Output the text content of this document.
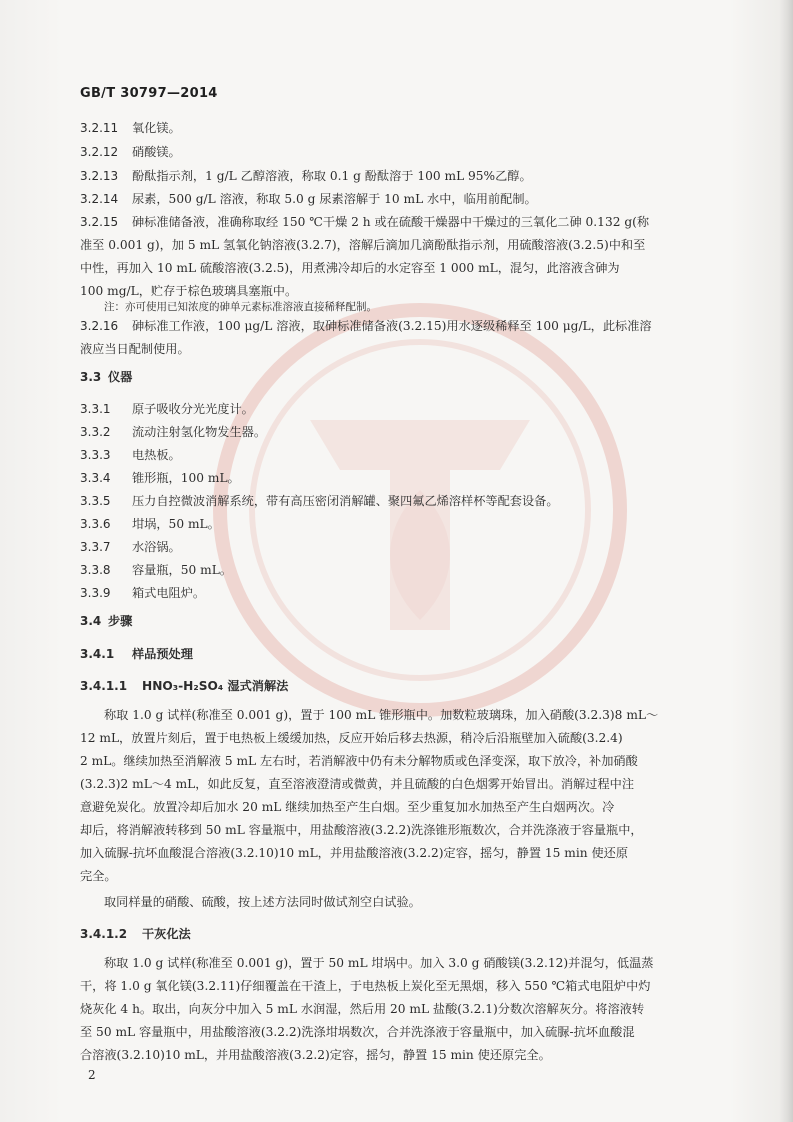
GB/T 30797—2014
3.2.11 氧化镁。
3.2.12 硝酸镁。
3.2.13 酚酞指示剂，1 g/L 乙醇溶液，称取 0.1 g 酚酞溶于 100 mL 95%乙醇。
3.2.14 尿素，500 g/L 溶液，称取 5.0 g 尿素溶解于 10 mL 水中，临用前配制。
3.2.15 砷标准储备液，准确称取经 150 ℃干燥 2 h 或在硫酸干燥器中干燥过的三氧化二砷 0.132 g(称
准至 0.001 g)，加 5 mL 氢氧化钠溶液(3.2.7)，溶解后滴加几滴酚酞指示剂，用硫酸溶液(3.2.5)中和至
中性，再加入 10 mL 硫酸溶液(3.2.5)，用煮沸冷却后的水定容至 1 000 mL，混匀，此溶液含砷为
100 mg/L，贮存于棕色玻璃具塞瓶中。
注：亦可使用已知浓度的砷单元素标准溶液直接稀释配制。
3.2.16 砷标准工作液，100 μg/L 溶液，取砷标准储备液(3.2.15)用水逐级稀释至 100 μg/L，此标准溶
液应当日配制使用。
3.3 仪器
3.3.1 原子吸收分光光度计。
3.3.2 流动注射氢化物发生器。
3.3.3 电热板。
3.3.4 锥形瓶，100 mL。
3.3.5 压力自控微波消解系统，带有高压密闭消解罐、聚四氟乙烯溶样杯等配套设备。
3.3.6 坩埚，50 mL。
3.3.7 水浴锅。
3.3.8 容量瓶，50 mL。
3.3.9 箱式电阻炉。
3.4 步骤
3.4.1 样品预处理
3.4.1.1 HNO₃-H₂SO₄ 湿式消解法
称取 1.0 g 试样(称准至 0.001 g)，置于 100 mL 锥形瓶中。加数粒玻璃珠，加入硝酸(3.2.3)8 mL～
12 mL，放置片刻后，置于电热板上缓缓加热，反应开始后移去热源，稍冷后沿瓶壁加入硫酸(3.2.4)
2 mL。继续加热至消解液 5 mL 左右时，若消解液中仍有未分解物质或色泽变深，取下放冷，补加硝酸
(3.2.3)2 mL～4 mL，如此反复，直至溶液澄清或微黄，并且硫酸的白色烟雾开始冒出。消解过程中注
意避免炭化。放置冷却后加水 20 mL 继续加热至产生白烟。至少重复加水加热至产生白烟两次。冷
却后，将消解液转移到 50 mL 容量瓶中，用盐酸溶液(3.2.2)洗涤锥形瓶数次，合并洗涤液于容量瓶中，
加入硫脲-抗坏血酸混合溶液(3.2.10)10 mL，并用盐酸溶液(3.2.2)定容，摇匀，静置 15 min 使还原
完全。
取同样量的硝酸、硫酸，按上述方法同时做试剂空白试验。
3.4.1.2 干灰化法
称取 1.0 g 试样(称准至 0.001 g)，置于 50 mL 坩埚中。加入 3.0 g 硝酸镁(3.2.12)并混匀，低温蒸
干，将 1.0 g 氧化镁(3.2.11)仔细覆盖在干渣上，于电热板上炭化至无黑烟，移入 550 ℃箱式电阻炉中灼
烧灰化 4 h。取出，向灰分中加入 5 mL 水润湿，然后用 20 mL 盐酸(3.2.1)分数次溶解灰分。将溶液转
至 50 mL 容量瓶中，用盐酸溶液(3.2.2)洗涤坩埚数次，合并洗涤液于容量瓶中，加入硫脲-抗坏血酸混
合溶液(3.2.10)10 mL，并用盐酸溶液(3.2.2)定容，摇匀，静置 15 min 使还原完全。
2
